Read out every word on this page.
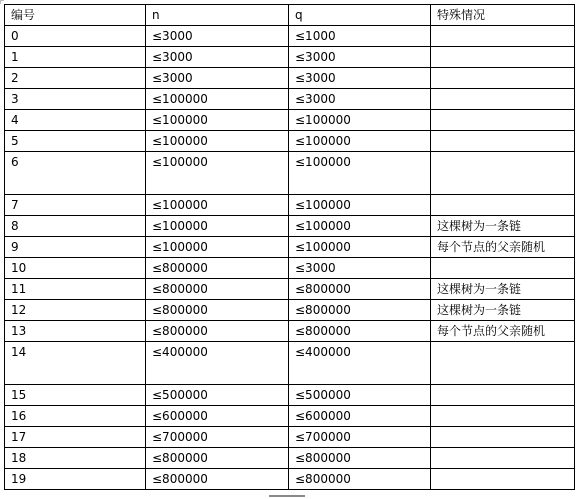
编号	n	q	特殊情况
0	≤3000	≤1000	
1	≤3000	≤3000	
2	≤3000	≤3000	
3	≤100000	≤3000	
4	≤100000	≤100000	
5	≤100000	≤100000	
6	≤100000	≤100000	
7	≤100000	≤100000	
8	≤100000	≤100000	这棵树为一条链
9	≤100000	≤100000	每个节点的父亲随机
10	≤800000	≤3000	
11	≤800000	≤800000	这棵树为一条链
12	≤800000	≤800000	这棵树为一条链
13	≤800000	≤800000	每个节点的父亲随机
14	≤400000	≤400000	
15	≤500000	≤500000	
16	≤600000	≤600000	
17	≤700000	≤700000	
18	≤800000	≤800000	
19	≤800000	≤800000	
